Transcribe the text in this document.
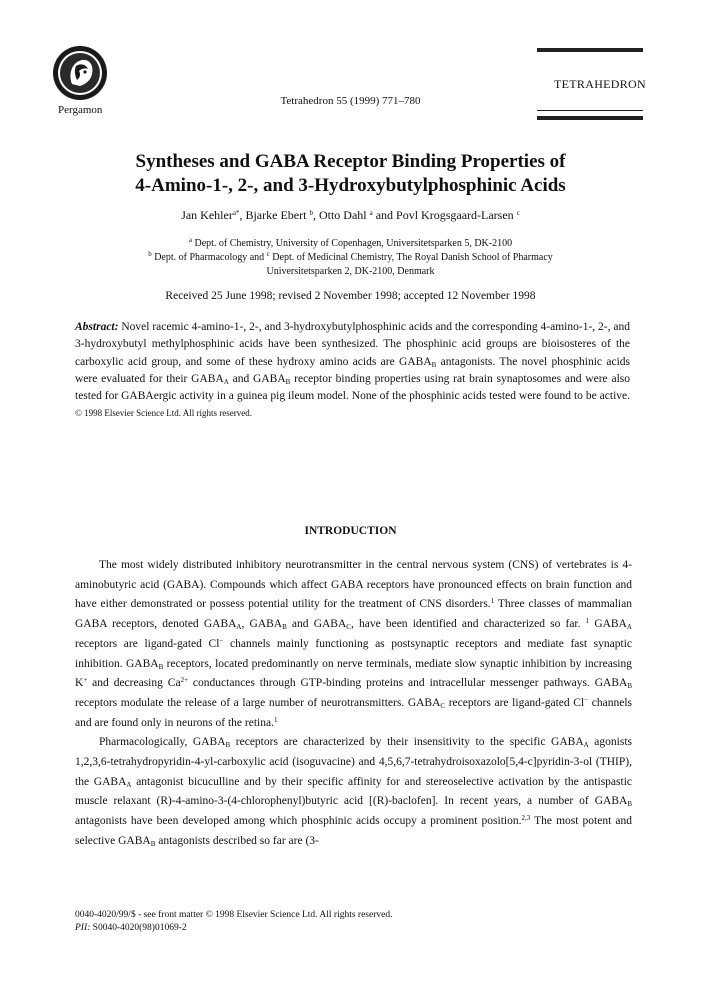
Pergamon
Tetrahedron 55 (1999) 771–780
TETRAHEDRON
Syntheses and GABA Receptor Binding Properties of
4-Amino-1-, 2-, and 3-Hydroxybutylphosphinic Acids
Jan Kehler$^{a*}$, Bjarke Ebert $^b$, Otto Dahl $^a$ and Povl Krogsgaard-Larsen $^c$
$^a$ Dept. of Chemistry, University of Copenhagen, Universitetsparken 5, DK-2100
$^b$ Dept. of Pharmacology and $^c$ Dept. of Medicinal Chemistry, The Royal Danish School of Pharmacy
Universitetsparken 2, DK-2100, Denmark
Received 25 June 1998; revised 2 November 1998; accepted 12 November 1998
Abstract: Novel racemic 4-amino-1-, 2-, and 3-hydroxybutylphosphinic acids and the corresponding 4-amino-1-, 2-, and 3-hydroxybutyl methylphosphinic acids have been synthesized. The phosphinic acid groups are bioisosteres of the carboxylic acid group, and some of these hydroxy amino acids are $GABA_B$ antagonists. The novel phosphinic acids were evaluated for their $GABA_A$ and $GABA_B$ receptor binding properties using rat brain synaptosomes and were also tested for GABAergic activity in a guinea pig ileum model. None of the phosphinic acids tested were found to be active. © 1998 Elsevier Science Ltd. All rights reserved.
INTRODUCTION

The most widely distributed inhibitory neurotransmitter in the central nervous system (CNS) of vertebrates is 4-aminobutyric acid (GABA). Compounds which affect GABA receptors have pronounced effects on brain function and have either demonstrated or possess potential utility for the treatment of CNS disorders.$^1$ Three classes of mammalian GABA receptors, denoted $GABA_A$, $GABA_B$ and $GABA_C$, have been identified and characterized so far. $^1$ $GABA_A$ receptors are ligand-gated Cl− channels mainly functioning as postsynaptic receptors and mediate fast synaptic inhibition. $GABA_B$ receptors, located predominantly on nerve terminals, mediate slow synaptic inhibition by increasing K+ and decreasing $Ca^{2+}$ conductances through GTP-binding proteins and intracellular messenger pathways. $GABA_B$ receptors modulate the release of a large number of neurotransmitters. $GABA_C$ receptors are ligand-gated Cl− channels and are found only in neurons of the retina.$^1$

Pharmacologically, $GABA_B$ receptors are characterized by their insensitivity to the specific $GABA_A$ agonists 1,2,3,6-tetrahydropyridin-4-yl-carboxylic acid (isoguvacine) and 4,5,6,7-tetrahydroisoxazolo[5,4-c]pyridin-3-ol (THIP), the $GABA_A$ antagonist bicuculline and by their specific affinity for and stereoselective activation by the antispastic muscle relaxant (R)-4-amino-3-(4-chlorophenyl)butyric acid [(R)-baclofen]. In recent years, a number of $GABA_B$ antagonists have been developed among which phosphinic acids occupy a prominent position.$^{2,3}$ The most potent and selective $GABA_B$ antagonists described so far are (3-

0040-4020/99/$ - see front matter © 1998 Elsevier Science Ltd. All rights reserved.
PII: S0040-4020(98)01069-2
